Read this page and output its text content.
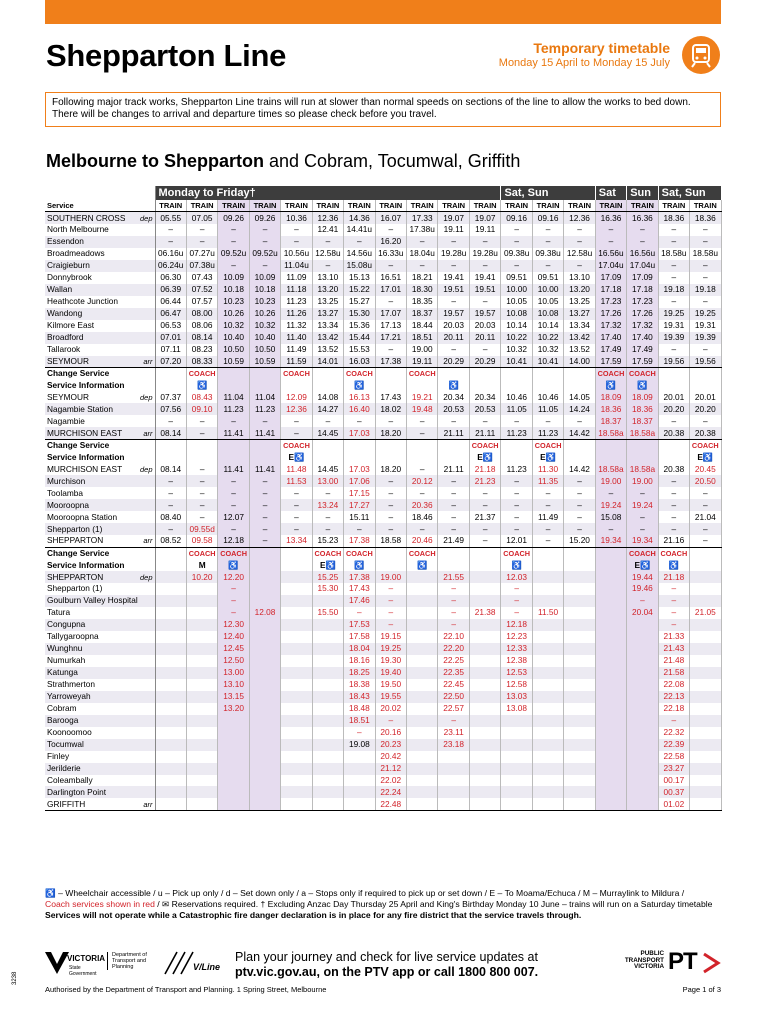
Shepparton Line	Temporary timetable
Monday 15 April to Monday 15 July
Following major track works, Shepparton Line trains will run at slower than normal speeds on sections of the line to allow the works to bed down. There will be changes to arrival and departure times so please check before you travel.
Melbourne to Shepparton and Cobram, Tocumwal, Griffith
	Monday to Friday†											Sat, Sun			Sat	Sun	Sat, Sun	
Service	TRAIN	TRAIN	TRAIN	TRAIN	TRAIN	TRAIN	TRAIN	TRAIN	TRAIN	TRAIN	TRAIN	TRAIN	TRAIN	TRAIN	TRAIN	TRAIN	TRAIN	TRAIN
SOUTHERN CROSS dep	05.55	07.05	09.26	09.26	10.36	12.36	14.36	16.07	17.33	19.07	19.07	09.16	09.16	12.36	16.36	16.36	18.36	18.36
North Melbourne	–	–	–	–	–	12.41	14.41u	–	17.38u	19.11	19.11	–	–	–	–	–	–	–
Essendon	–	–	–	–	–	–	–	16.20	–	–	–	–	–	–	–	–	–	–
Broadmeadows	06.16u	07.27u	09.52u	09.52u	10.56u	12.58u	14.56u	16.33u	18.04u	19.28u	19.28u	09.38u	09.38u	12.58u	16.56u	16.56u	18.58u	18.58u
Craigieburn	06.24u	07.38u	–	–	11.04u	–	15.08u	–	–	–	–	–	–	–	17.04u	17.04u	–	–
Donnybrook	06.30	07.43	10.09	10.09	11.09	13.10	15.13	16.51	18.21	19.41	19.41	09.51	09.51	13.10	17.09	17.09	–	–
Wallan	06.39	07.52	10.18	10.18	11.18	13.20	15.22	17.01	18.30	19.51	19.51	10.00	10.00	13.20	17.18	17.18	19.18	19.18
Heathcote Junction	06.44	07.57	10.23	10.23	11.23	13.25	15.27	–	18.35	–	–	10.05	10.05	13.25	17.23	17.23	–	–
Wandong	06.47	08.00	10.26	10.26	11.26	13.27	15.30	17.07	18.37	19.57	19.57	10.08	10.08	13.27	17.26	17.26	19.25	19.25
Kilmore East	06.53	08.06	10.32	10.32	11.32	13.34	15.36	17.13	18.44	20.03	20.03	10.14	10.14	13.34	17.32	17.32	19.31	19.31
Broadford	07.01	08.14	10.40	10.40	11.40	13.42	15.44	17.21	18.51	20.11	20.11	10.22	10.22	13.42	17.40	17.40	19.39	19.39
Tallarook	07.11	08.23	10.50	10.50	11.49	13.52	15.53	–	19.00	–	–	10.32	10.32	13.52	17.49	17.49	–	–
SEYMOUR arr	07.20	08.33	10.59	10.59	11.59	14.01	16.03	17.38	19.11	20.29	20.29	10.41	10.41	14.00	17.59	17.59	19.56	19.56
Change Service		COACH			COACH		COACH		COACH						COACH	COACH		
Service Information		♿					♿			♿					♿	♿		
SEYMOUR dep	07.37	08.43	11.04	11.04	12.09	14.08	16.13	17.43	19.21	20.34	20.34	10.46	10.46	14.05	18.09	18.09	20.01	20.01
Nagambie Station	07.56	09.10	11.23	11.23	12.36	14.27	16.40	18.02	19.48	20.53	20.53	11.05	11.05	14.24	18.36	18.36	20.20	20.20
Nagambie	–	–	–	–	–	–	–	–	–	–	–	–	–	–	18.37	18.37	–	–
MURCHISON EAST arr	08.14	–	11.41	11.41	–	14.45	17.03	18.20	–	21.11	21.11	11.23	11.23	14.42	18.58a	18.58a	20.38	20.38
Change Service					COACH						COACH		COACH					COACH
Service Information					E♿						E♿		E♿					E♿
MURCHISON EAST dep	08.14	–	11.41	11.41	11.48	14.45	17.03	18.20	–	21.11	21.18	11.23	11.30	14.42	18.58a	18.58a	20.38	20.45
Murchison	–	–	–	–	11.53	13.00	17.06	–	20.12	–	21.23	–	11.35	–	19.00	19.00	–	20.50
Toolamba	–	–	–	–	–	–	17.15	–	–	–	–	–	–	–	–	–	–	–
Mooroopna	–	–	–	–	–	13.24	17.27	–	20.36	–	–	–	–	–	19.24	19.24	–	–
Mooroopna Station	08.40	–	12.07	–	–	–	15.11	–	18.46	–	21.37	–	11.49	–	15.08	–	–	21.04
Shepparton (1)	–	09.55d	–	–	–	–	–	–	–	–	–	–	–	–	–	–	–	–
SHEPPARTON arr	08.52	09.58	12.18	–	13.34	15.23	17.38	18.58	20.46	21.49	–	12.01	–	15.20	19.34	19.34	21.16	–
Change Service		COACH	COACH			COACH	COACH		COACH			COACH				COACH	COACH	
Service Information		M	♿			E♿	♿		♿			♿				E♿	♿	
SHEPPARTON dep		10.20	12.20			15.25	17.38	19.00		21.55		12.03				19.44	21.18	
Shepparton (1)			–			15.30	17.43	–		–		–				19.46	–	
Goulburn Valley Hospital			–				17.46	–		–		–				–	–	
Tatura			–	12.08		15.50	–	–		–	21.38	–	11.50			20.04	–	21.05
Congupna			12.30				17.53	–		–		12.18					–	
Tallygaroopna			12.40				17.58	19.15		22.10		12.23					21.33	
Wunghnu			12.45				18.04	19.25		22.20		12.33					21.43	
Numurkah			12.50				18.16	19.30		22.25		12.38					21.48	
Katunga			13.00				18.25	19.40		22.35		12.53					21.58	
Strathmerton			13.10				18.38	19.50		22.45		12.58					22.08	
Yarroweyah			13.15				18.43	19.55		22.50		13.03					22.13	
Cobram			13.20				18.48	20.02		22.57		13.08					22.18	
Barooga							18.51	–		–							–	
Koonoomoo							–	20.16		23.11							22.32	
Tocumwal							19.08	20.23		23.18							22.39	
Finley								20.42									22.58	
Jerilderie								21.12									23.27	
Coleambally								22.02									00.17	
Darlington Point								22.24									00.37	
GRIFFITH arr								22.48									01.02	
♿ – Wheelchair accessible / u – Pick up only / d – Set down only / a – Stops only if required to pick up or set down / E – To Moama/Echuca / M – Murraylink to Mildura /
Coach services shown in red / ✉ Reservations required. † Excluding Anzac Day Thursday 25 April and King's Birthday Monday 10 June – trains will run on a Saturday timetable
Services will not operate while a Catastrophic fire danger declaration is in place for any fire district that the service travels through.
VICTORIA
State Government
Department of Transport and Planning	V/Line
PUBLIC
TRANSPORT
VICTORIA PT
Plan your journey and check for live service updates at
ptv.vic.gov.au, on the PTV app or call 1800 800 007.
3238
Authorised by the Department of Transport and Planning. 1 Spring Street, Melbourne	Page 1 of 3
